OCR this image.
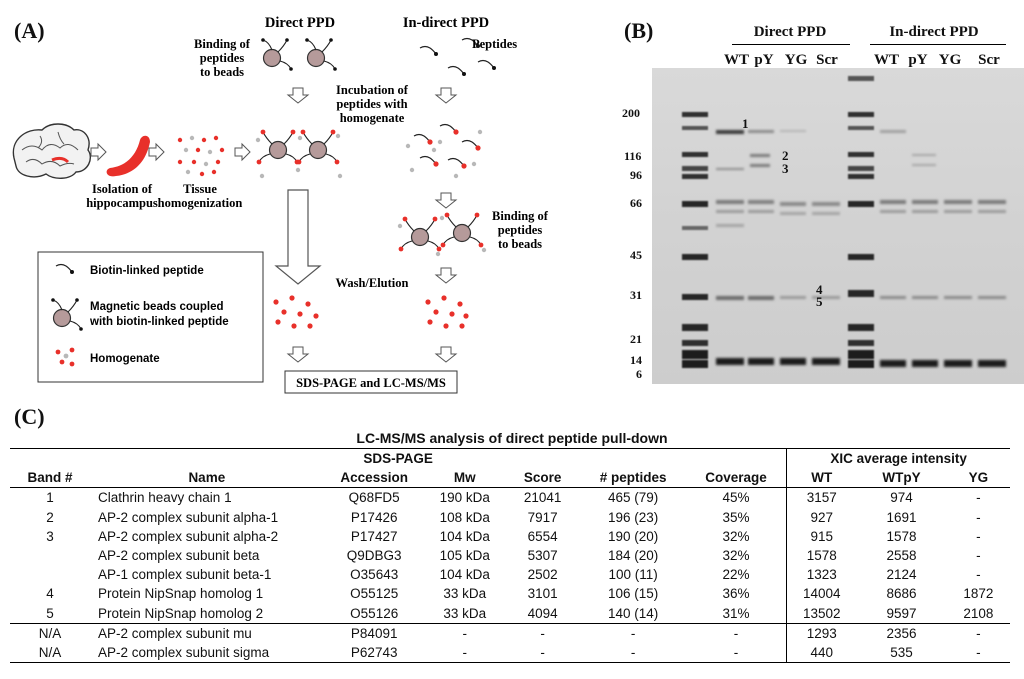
(A)	Direct PPD	In-direct PPD
Binding of
peptides
to beads
Peptides
Incubation of
peptides with
homogenate
Isolation of
hippocampus
Tissue
homogenization
Binding of
peptides
to beads
Wash/Elution
SDS-PAGE and LC-MS/MS
Biotin-linked peptide
Magnetic beads coupled
with biotin-linked peptide
Homogenate
(B)	Direct PPD	In-direct PPD
WT pY YG Scr WT pY YG Scr
200
116
96
66
45
31
21
14
6
1
2
3
4
5
(C)
LC-MS/MS analysis of direct peptide pull-down
SDS-PAGE							XIC average intensity		
Band #	Name	Accession	Mw	Score	# peptides	Coverage	WT	WTpY	YG
1	Clathrin heavy chain 1	Q68FD5	190 kDa	21041	465 (79)	45%	3157	974	-
2	AP-2 complex subunit alpha-1	P17426	108 kDa	7917	196 (23)	35%	927	1691	-
3	AP-2 complex subunit alpha-2	P17427	104 kDa	6554	190 (20)	32%	915	1578	-
	AP-2 complex subunit beta	Q9DBG3	105 kDa	5307	184 (20)	32%	1578	2558	-
	AP-1 complex subunit beta-1	O35643	104 kDa	2502	100 (11)	22%	1323	2124	-
4	Protein NipSnap homolog 1	O55125	33 kDa	3101	106 (15)	36%	14004	8686	1872
5	Protein NipSnap homolog 2	O55126	33 kDa	4094	140 (14)	31%	13502	9597	2108
N/A	AP-2 complex subunit mu	P84091	-	-	-	-	1293	2356	-
N/A	AP-2 complex subunit sigma	P62743	-	-	-	-	440	535	-
